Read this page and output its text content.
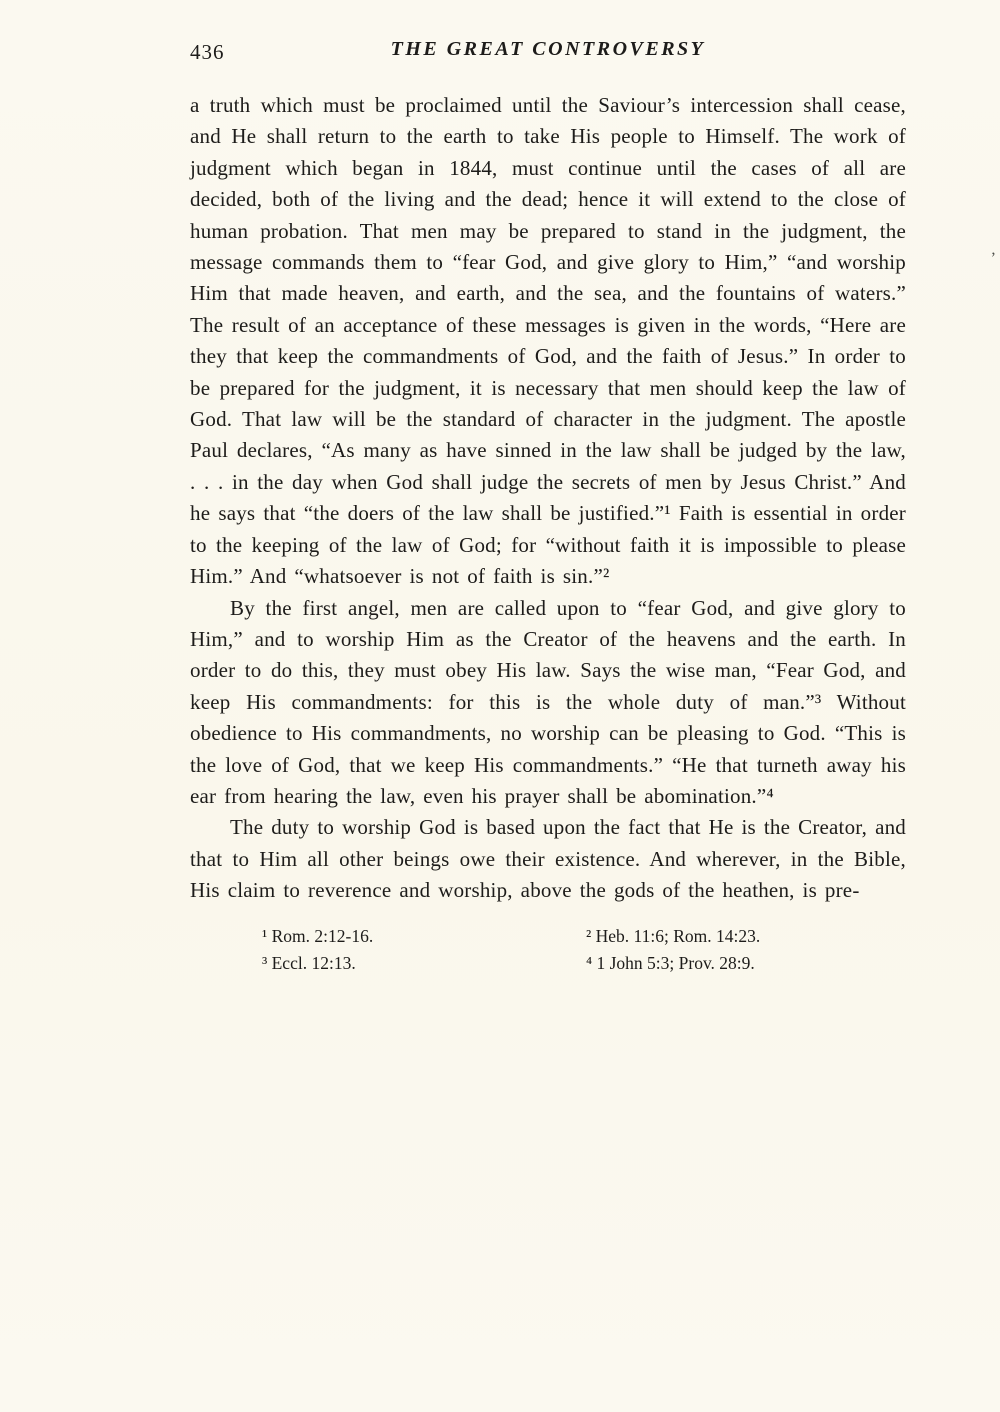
436	THE GREAT CONTROVERSY

a truth which must be proclaimed until the Saviour’s intercession shall cease, and He shall return to the earth to take His people to Himself. The work of judgment which began in 1844, must continue until the cases of all are decided, both of the living and the dead; hence it will extend to the close of human probation. That men may be prepared to stand in the judgment, the message commands them to “fear God, and give glory to Him,” “and worship Him that made heaven, and earth, and the sea, and the fountains of waters.” The result of an acceptance of these messages is given in the words, “Here are they that keep the commandments of God, and the faith of Jesus.” In order to be prepared for the judgment, it is necessary that men should keep the law of God. That law will be the standard of character in the judgment. The apostle Paul declares, “As many as have sinned in the law shall be judged by the law, . . . in the day when God shall judge the secrets of men by Jesus Christ.” And he says that “the doers of the law shall be justified.”¹ Faith is essential in order to the keeping of the law of God; for “without faith it is impossible to please Him.” And “whatsoever is not of faith is sin.”²

By the first angel, men are called upon to “fear God, and give glory to Him,” and to worship Him as the Creator of the heavens and the earth. In order to do this, they must obey His law. Says the wise man, “Fear God, and keep His commandments: for this is the whole duty of man.”³ Without obedience to His commandments, no worship can be pleasing to God. “This is the love of God, that we keep His commandments.” “He that turneth away his ear from hearing the law, even his prayer shall be abomination.”⁴

The duty to worship God is based upon the fact that He is the Creator, and that to Him all other beings owe their existence. And wherever, in the Bible, His claim to reverence and worship, above the gods of the heathen, is pre-

¹ Rom. 2:12-16.
³ Eccl. 12:13.
² Heb. 11:6; Rom. 14:23.
⁴ 1 John 5:3; Prov. 28:9.
’
